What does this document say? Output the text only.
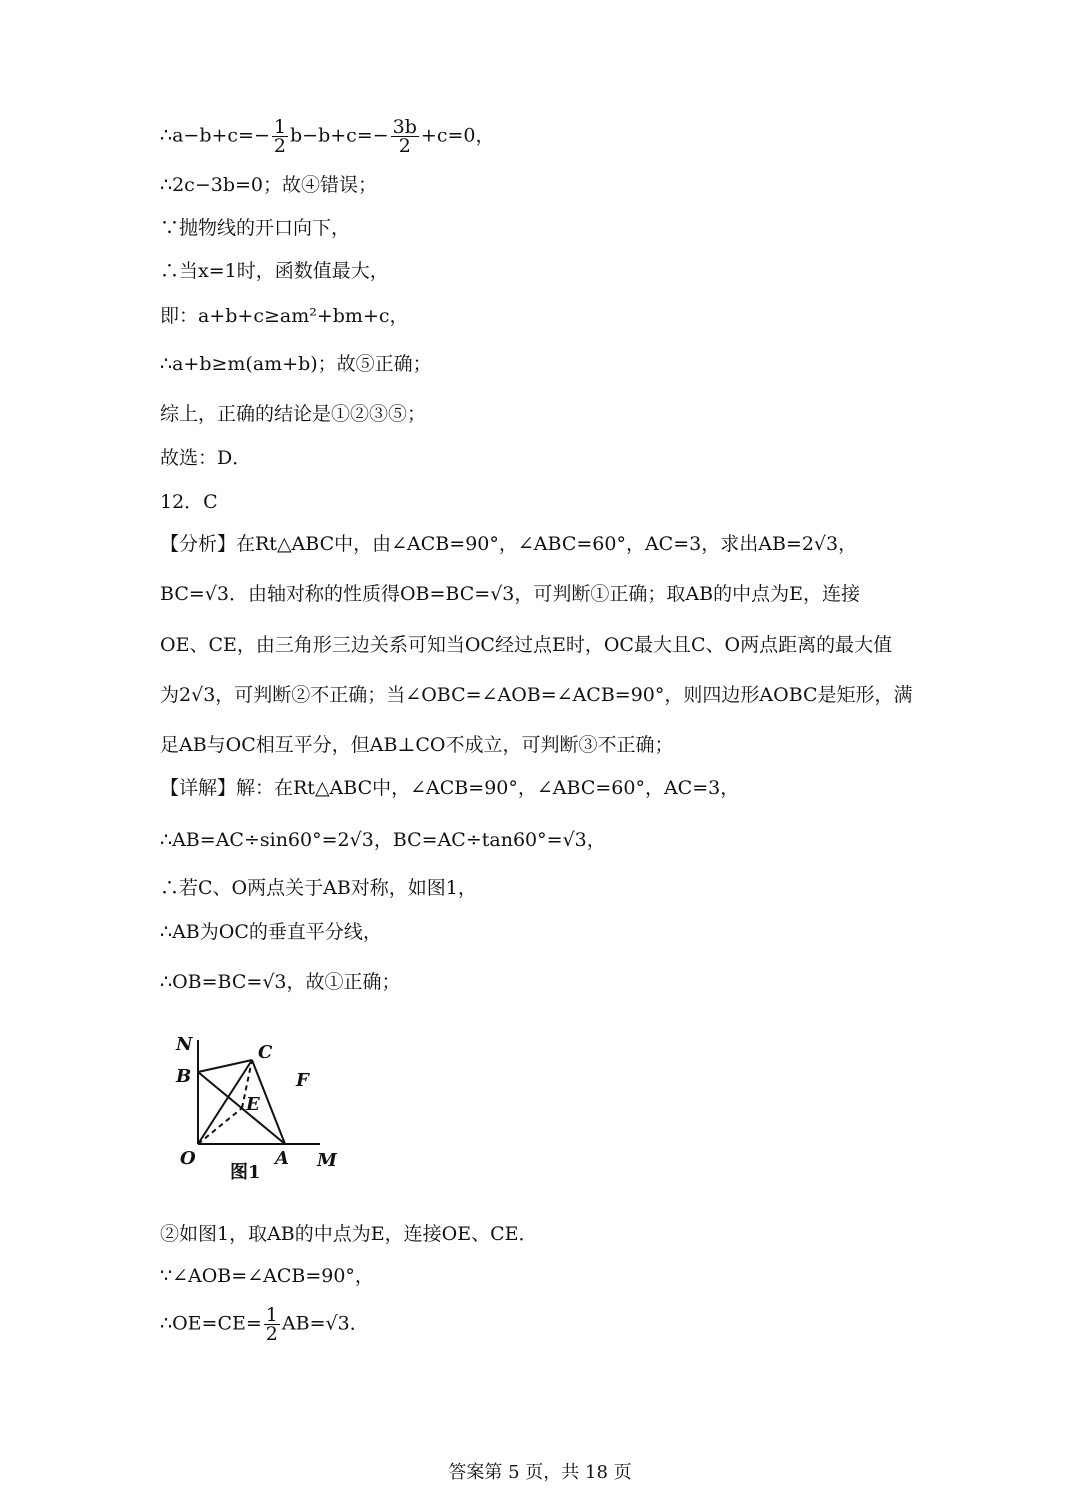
∴a−b+c=− $\frac{1}{2} b-b+c=- \frac{3b}{2} +c=0$，
∴2c−3b=0；故④错误；
∵抛物线的开口向下，
∴当x=1时，函数值最大，
即：a+b+c≥am²+bm+c，
∴a+b≥m(am+b)；故⑤正确；
综上，正确的结论是①②③⑤；
故选：D．
12．C
【分析】在Rt△ABC中，由∠ACB=90°，∠ABC=60°，AC=3，求出AB=2√3，
BC=√3．由轴对称的性质得OB=BC=√3，可判断①正确；取AB的中点为E，连接
OE、CE，由三角形三边关系可知当OC经过点E时，OC最大且C、O两点距离的最大值
为2√3，可判断②不正确；当∠OBC=∠AOB=∠ACB=90°，则四边形AOBC是矩形，满
足AB与OC相互平分，但AB⊥CO不成立，可判断③不正确；
【详解】解：在Rt△ABC中，∠ACB=90°，∠ABC=60°，AC=3，
∴AB=AC÷sin60°=2√3，BC=AC÷tan60°=√3，
∴若C、O两点关于AB对称，如图1，
∴AB为OC的垂直平分线，
∴OB=BC=√3，故①正确；
N
B
C
F
E
O	A M
图1
②如图1，取AB的中点为E，连接OE、CE．
∵∠AOB=∠ACB=90°，
∴OE=CE= $\frac{1}{2} AB=√3$．
答案第 5 页，共 18 页
